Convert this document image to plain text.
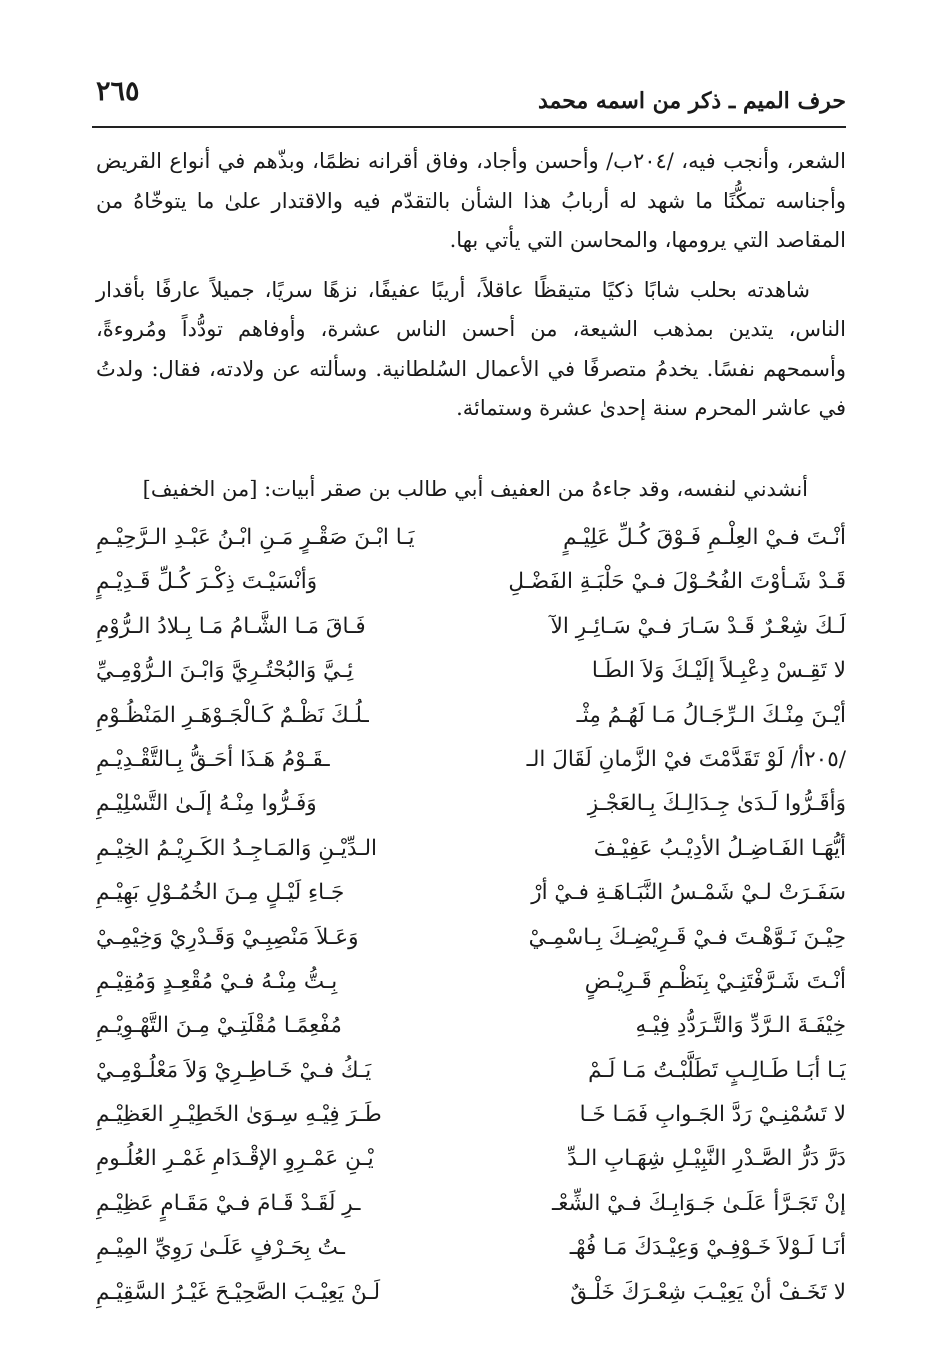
حرف الميم ـ ذكر من اسمه محمد
٢٦٥

الشعر، وأنجب فيه، /٢٠٤ب/ وأحسن وأجاد، وفاق أقرانه نظمًا، وبذّهم في أنواع القريض وأجناسه تمكُّنًا ما شهد له أربابُ هذا الشأن بالتقدّم فيه والاقتدار علىٰ ما يتوخّاهُ من المقاصد التي يرومها، والمحاسن التي يأتي بها.

شاهدته بحلب شابًا ذكيًا متيقظًا عاقلاً، أريبًا عفيفًا، نزهًا سريًا، جميلاً عارفًا بأقدار الناس، يتدين بمذهب الشيعة، من أحسن الناس عشرة، وأوفاهم تودُّداً ومُروءةً، وأسمحهم نفسًا. يخدمُ متصرفًا في الأعمال السُلطانية. وسألته عن ولادته، فقال: ولدتُ في عاشر المحرم سنة إحدىٰ عشرة وستمائة.

أنشدني لنفسه، وقد جاءهُ من العفيف أبي طالب بن صقر أبيات: [من الخفيف]
أنْـتَ فـيْ العِلْـمِ فَـوْقَ كُـلِّ عَلِيْـمٍ
يَـا ابْـنَ صَقْـرٍ مَـنِ ابْـنُ عَبْـدِ الـرَّحِيْـمِ
قَـدْ شَـأوْتَ الفُحُـوْلَ فـيْ حَلْبَـةِ الفَضْـلِ
وَأنْسَيْـتَ ذِكْـرَ كُـلِّ قَـدِيْـمٍ
لَـكَ شِعْـرٌ قَـدْ سَـارَ فـيْ سَـائِـرِ الآ
فَـاقَ مَـا الشَّـامُ مَـا بِـلادُ الـرُّوْمِ
لا تَقِـسْ دِعْبِـلاً إلَيْـكَ وَلاَ الطَـا
ئِـيَّ وَالبُحْتُـرِيَّ وَابْـنَ الـرُّوْمِـيِّ
أيْـنَ مِنْـكَ الـرِّجَـالُ مَـا لَهُـمُ مِثْـ
ـلُـكَ نَظْـمٌ كَـالْجَـوْهَـرِ المَنْظُـوْمِ
/٢٠٥أ/ لَوْ تَقَدَّمْتَ فيْ الزَّمانِ لَقَالَ الـ
ـقَـوْمُ هَـذَا أحَـقُّ بِـالتَّقْـدِيْـمِ
وَأقَـرُّوا لَـدَىٰ جِـدَالِـكَ بِـالعَجْـزِ
وَفَـرُّوا مِنْـهُ إلَـىٰ التَّسْلِيْـمِ
أيُّهَـا الفَـاضِـلُ الأدِيْـبُ عَفِيْـفَ
الـدِّيْـنِ وَالمَـاجِـدُ الكَـرِيْـمُ الخِيْـمِ
سَفَـرَتْ لـيْ شَمْـسُ النَّبَـاهَـةِ فـيْ أرْ
جَـاءِ لَيْـلٍ مِـنَ الخُمُـوْلِ بَهِيْـمِ
حِيْـنَ نَـوَّهْـتَ فـيْ قَـرِيْضِـكَ بِـاسْمِـيْ
وَعَـلاَ مَنْصِبِـيْ وَقَـدْرِيْ وَخِيْمِـيْ
أنْـتَ شَـرَّفْتَنِـيْ بِنَظْـمِ قَـرِيْـضٍ
بِـتُّ مِنْـهُ فـيْ مُقْعِـدٍ وَمُقِيْـمِ
خِيْفَـةَ الـرَّدِّ وَالتَّـرَدُّدِ فِيْـهِ
مُفْعِمًـا مُقْلَتِـيْ مِـنَ التَّهْـوِيْـمِ
يَـا أبَـا طَـالِـبٍ تَطَلَّبْـتُ مَـا لَـمْ
يَـكُ فـيْ خَـاطِـرِيْ وَلاَ مَعْلُـوْمِـيْ
لا تَسُمْنِـيْ رَدَّ الجَـوابِ فَمَـا خَـا
طَـرَ فِيْـهِ سِـوَىٰ الخَطِيْـرِ العَظِيْـمِ
دَرَّ دَرُّ الصَّـدْرِ النَّبِيْـلِ شِهَـابِ الـدِّ
يْـنِ عَمْـرِوِ الإقْـدَامِ غَمْـرِ العُلُـومِ
إنْ تَجَـرَّأ عَلَـىٰ جَـوَابِـكَ فـيْ الشِّعْـ
ـرِ لَقَـدْ قَـامَ فـيْ مَقَـامٍ عَظِيْـمِ
أنَـا لَـوْلاَ خَـوْفِـيْ وَعِيْـدَكَ مَـا فُهْـ
ـتُ بِحَـرْفٍ عَلَـىٰ رَوِيِّ المِيْـمِ
لا تَخَـفْ أنْ يَعِيْـبَ شِعْـرَكَ خَلْـقٌ
لَـنْ يَعِيْـبَ الصَّحِيْـحَ غَيْـرُ السَّقِيْـمِ
